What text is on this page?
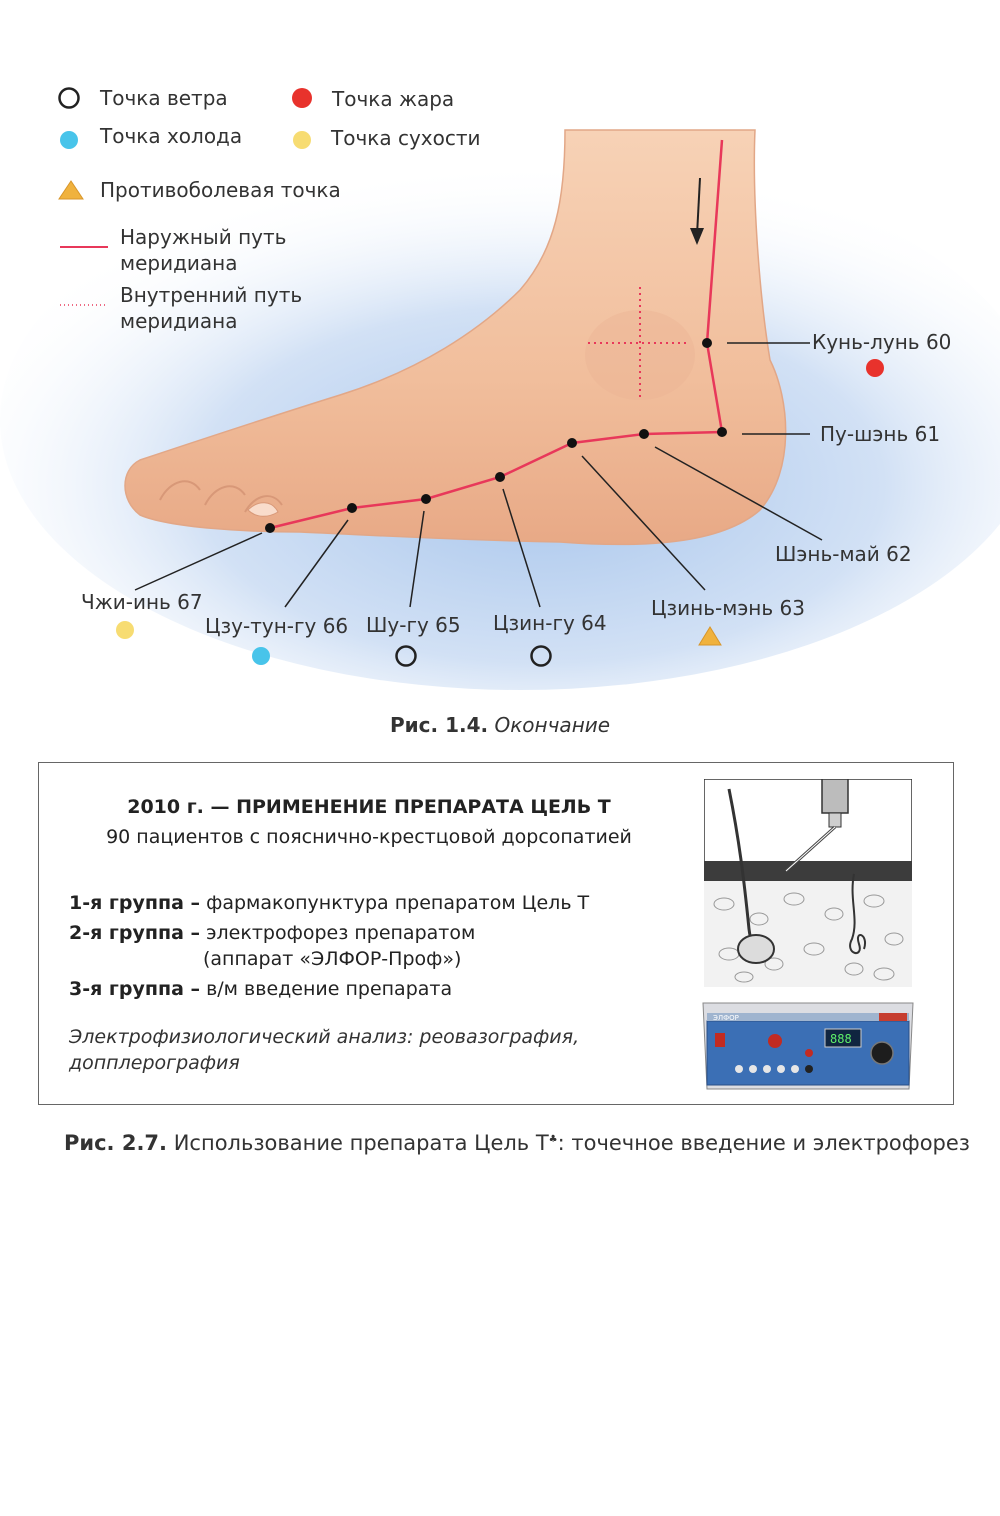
Кунь-лунь 60
Пу-шэнь 61
Шэнь-май 62
Цзинь-мэнь 63
Цзин-гу 64
Шу-гу 65
Цзу-тун-гу 66
Чжи-инь 67
Точка ветра	Точка жара
Точка холода	Точка сухости
Противоболевая точка
Наружный путь
меридиана
Внутренний путь
меридиана
Рис. 1.4. Окончание
2010 г. — ПРИМЕНЕНИЕ ПРЕПАРАТА ЦЕЛЬ Т
90 пациентов с пояснично-крестцовой дорсопатией
1-я группа – фармакопунктура препаратом Цель Т
2-я группа – электрофорез препаратом
(аппарат «ЭЛФОР-Проф»)
3-я группа – в/м введение препарата
Электрофизиологический анализ: реовазография,
допплерография
ЭЛФОР
888
Рис. 2.7. Использование препарата Цель Т♣: точечное введение и электрофорез
